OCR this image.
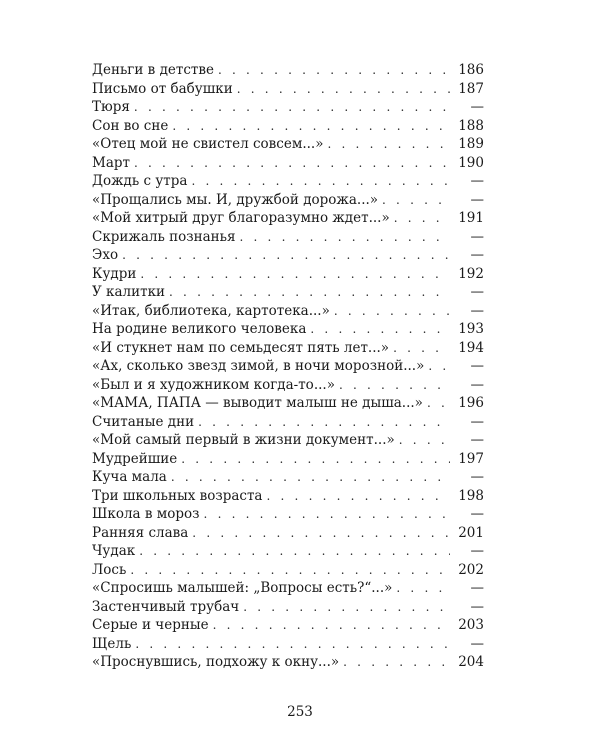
Деньги в детстве . . .	186
Письмо от бабушки . . .	187
Тюря . . .	—
Сон во сне . . .	188
«Отец мой не свистел совсем...» . . .	189
Март . . .	190
Дождь с утра . . .	—
«Прощались мы. И, дружбой дорожа...» . . .	—
«Мой хитрый друг благоразумно ждет...» . . .	191
Скрижаль познанья . . .	—
Эхо . . .	—
Кудри . . .	192
У калитки . . .	—
«Итак, библиотека, картотека...» . . .	—
На родине великого человека . . .	193
«И стукнет нам по семьдесят пять лет...» . . .	194
«Ах, сколько звезд зимой, в ночи морозной...» . . .	—
«Был и я художником когда-то...» . . .	—
«МАМА, ПАПА — выводит малыш не дыша...» . . .	196
Считаные дни . . .	—
«Мой самый первый в жизни документ...» . . .	—
Мудрейшие . . .	197
Куча мала . . .	—
Три школьных возраста . . .	198
Школа в мороз . . .	—
Ранняя слава . . .	201
Чудак . . .	—
Лось . . .	202
«Спросишь малышей: „Вопросы есть?“...» . . .	—
Застенчивый трубач . . .	—
Серые и черные . . .	203
Щель . . .	—
«Проснувшись, подхожу к окну...» . . .	204
253
